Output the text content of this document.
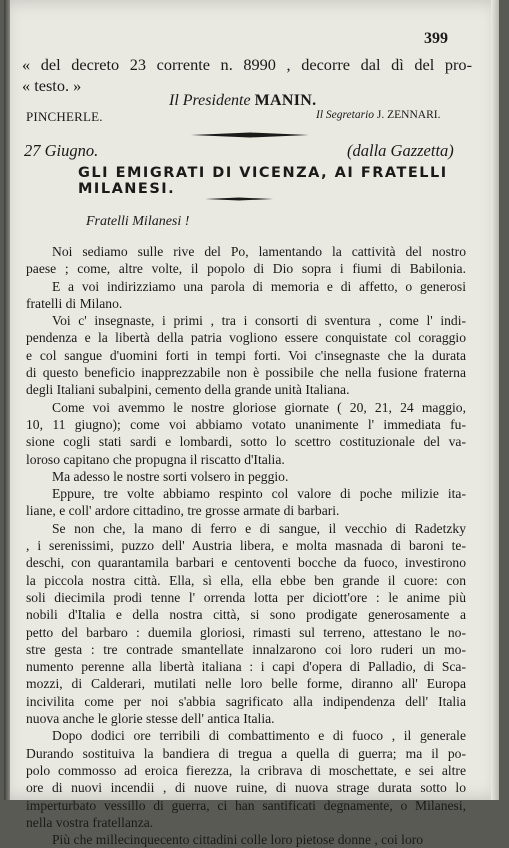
399
« del decreto 23 corrente n. 8990 , decorre dal dì del pro-
« testo. »
Il Presidente MANIN.
PINCHERLE.	Il Segretario J. ZENNARI.
27 Giugno.	(dalla Gazzetta)
GLI EMIGRATI DI VICENZA, AI FRATELLI MILANESI.
Fratelli Milanesi !
Noi sediamo sulle rive del Po, lamentando la cattività del nostro
paese ; come, altre volte, il popolo di Dio sopra i fiumi di Babilonia.
E a voi indirizziamo una parola di memoria e di affetto, o generosi
fratelli di Milano.
Voi c' insegnaste, i primi , tra i consorti di sventura , come l' indi-
pendenza e la libertà della patria vogliono essere conquistate col coraggio
e col sangue d'uomini forti in tempi forti. Voi c'insegnaste che la durata
di questo beneficio inapprezzabile non è possibile che nella fusione fraterna
degli Italiani subalpini, cemento della grande unità Italiana.
Come voi avemmo le nostre gloriose giornate ( 20, 21, 24 maggio,
10, 11 giugno); come voi abbiamo votato unanimente l' immediata fu-
sione cogli stati sardi e lombardi, sotto lo scettro costituzionale del va-
loroso capitano che propugna il riscatto d'Italia.
Ma adesso le nostre sorti volsero in peggio.
Eppure, tre volte abbiamo respinto col valore di poche milizie ita-
liane, e coll' ardore cittadino, tre grosse armate di barbari.
Se non che, la mano di ferro e di sangue, il vecchio di Radetzky
, i serenissimi, puzzo dell' Austria libera, e molta masnada di baroni te-
deschi, con quarantamila barbari e centoventi bocche da fuoco, investirono
la piccola nostra città. Ella, sì ella, ella ebbe ben grande il cuore: con
soli diecimila prodi tenne l' orrenda lotta per diciott'ore : le anime più
nobili d'Italia e della nostra città, si sono prodigate generosamente a
petto del barbaro : duemila gloriosi, rimasti sul terreno, attestano le no-
stre gesta : tre contrade smantellate innalzarono coi loro ruderi un mo-
numento perenne alla libertà italiana : i capi d'opera di Palladio, di Sca-
mozzi, di Calderari, mutilati nelle loro belle forme, diranno all' Europa
incivilita come per noi s'abbia sagrificato alla indipendenza dell' Italia
nuova anche le glorie stesse dell' antica Italia.
Dopo dodici ore terribili di combattimento e di fuoco , il generale
Durando sostituiva la bandiera di tregua a quella di guerra; ma il po-
polo commosso ad eroica fierezza, la cribrava di moschettate, e sei altre
ore di nuovi incendii , di nuove ruine, di nuova strage durata sotto lo
imperturbato vessillo di guerra, ci han santificati degnamente, o Milanesi,
nella vostra fratellanza.
Più che millecinquecento cittadini colle loro pietose donne , coi loro
